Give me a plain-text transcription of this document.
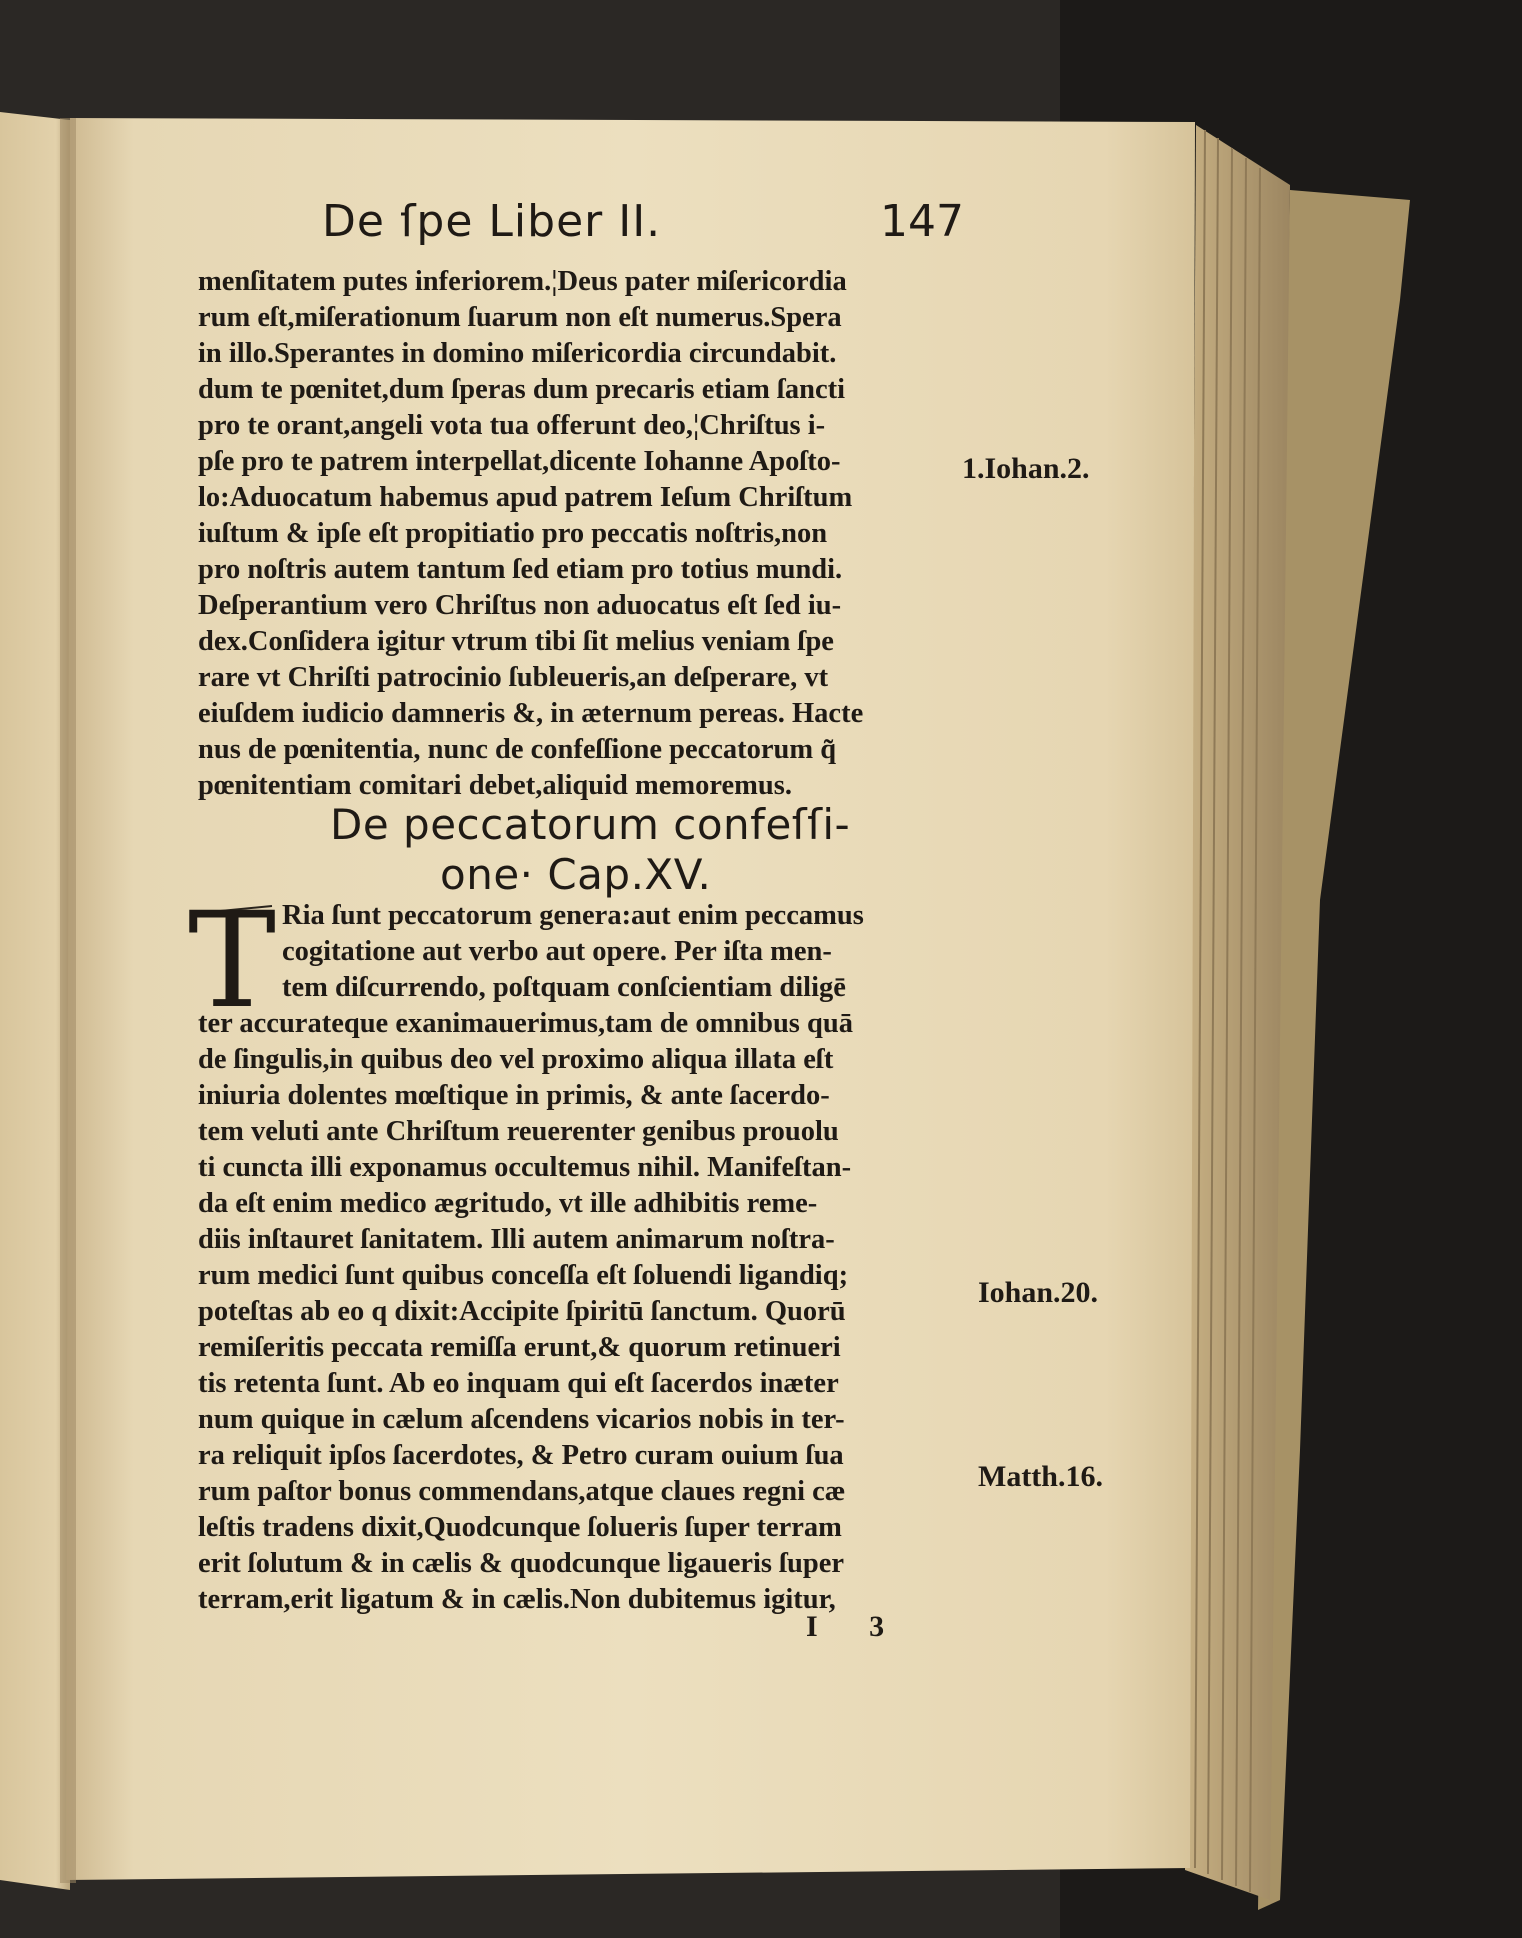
De ſpe Liber II.	147
menſitatem putes inferiorem.¦Deus pater miſericordia
rum eſt,miſerationum ſuarum non eſt numerus.Spera
in illo.Sperantes in domino miſericordia circundabit.
dum te pœnitet,dum ſperas dum precaris etiam ſancti
pro te orant,angeli vota tua offerunt deo,¦Chriſtus i-
pſe pro te patrem interpellat,dicente Iohanne Apoſto-
lo:Aduocatum habemus apud patrem Ieſum Chriſtum
iuſtum & ipſe eſt propitiatio pro peccatis noſtris,non
pro noſtris autem tantum ſed etiam pro totius mundi.
Deſperantium vero Chriſtus non aduocatus eſt ſed iu-
dex.Conſidera igitur vtrum tibi ſit melius veniam ſpe
rare vt Chriſti patrocinio ſubleueris,an deſperare, vt
eiuſdem iudicio damneris &, in æternum pereas. Hacte
nus de pœnitentia, nunc de confeſſione peccatorum q̃
pœnitentiam comitari debet,aliquid memoremus.
De peccatorum confeſſi-
one· Cap.XV.
T Ria ſunt peccatorum genera:aut enim peccamus
cogitatione aut verbo aut opere. Per iſta men-
tem diſcurrendo, poſtquam conſcientiam diligē
ter accurateque exanimauerimus,tam de omnibus quā
de ſingulis,in quibus deo vel proximo aliqua illata eſt
iniuria dolentes mœſtique in primis, & ante ſacerdo-
tem veluti ante Chriſtum reuerenter genibus prouolu
ti cuncta illi exponamus occultemus nihil. Manifeſtan-
da eſt enim medico ægritudo, vt ille adhibitis reme-
diis inſtauret ſanitatem. Illi autem animarum noſtra-
rum medici ſunt quibus conceſſa eſt ſoluendi ligandiq;
poteſtas ab eo q dixit:Accipite ſpiritū ſanctum. Quorū
remiſeritis peccata remiſſa erunt,& quorum retinueri
tis retenta ſunt. Ab eo inquam qui eſt ſacerdos inæter
num quique in cælum aſcendens vicarios nobis in ter-
ra reliquit ipſos ſacerdotes, & Petro curam ouium ſua
rum paſtor bonus commendans,atque claues regni cæ
leſtis tradens dixit,Quodcunque ſolueris ſuper terram
erit ſolutum & in cælis & quodcunque ligaueris ſuper
terram,erit ligatum & in cælis.Non dubitemus igitur,
1.Iohan.2.
Iohan.20.
Matth.16.
I 3
